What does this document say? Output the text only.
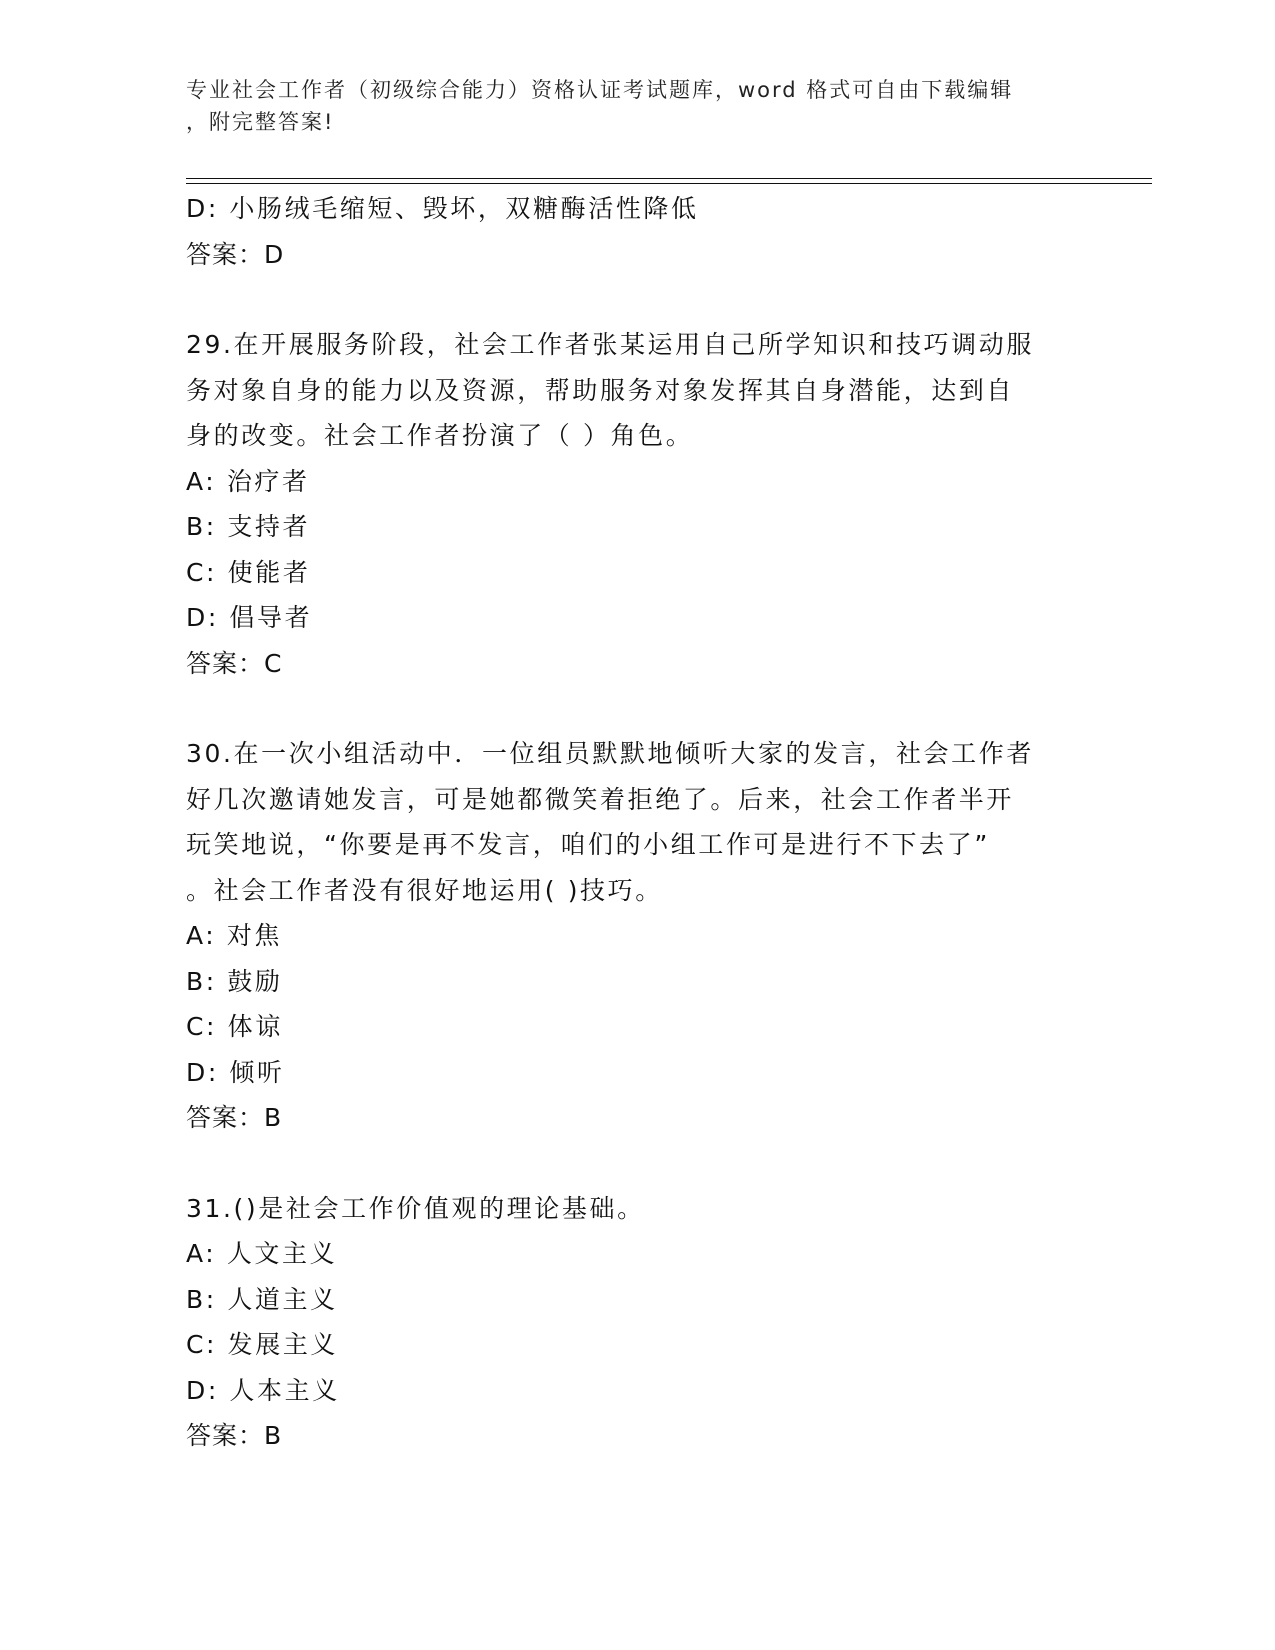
专业社会工作者（初级综合能力）资格认证考试题库，word 格式可自由下载编辑
，附完整答案!
D: 小肠绒毛缩短、毁坏，双糖酶活性降低
答案：D
29.在开展服务阶段，社会工作者张某运用自己所学知识和技巧调动服
务对象自身的能力以及资源，帮助服务对象发挥其自身潜能，达到自
身的改变。社会工作者扮演了（ ）角色。
A: 治疗者
B: 支持者
C: 使能者
D: 倡导者
答案：C
30.在一次小组活动中．一位组员默默地倾听大家的发言，社会工作者
好几次邀请她发言，可是她都微笑着拒绝了。后来，社会工作者半开
玩笑地说，“你要是再不发言，咱们的小组工作可是进行不下去了”
。社会工作者没有很好地运用( )技巧。
A: 对焦
B: 鼓励
C: 体谅
D: 倾听
答案：B
31.()是社会工作价值观的理论基础。
A: 人文主义
B: 人道主义
C: 发展主义
D: 人本主义
答案：B
